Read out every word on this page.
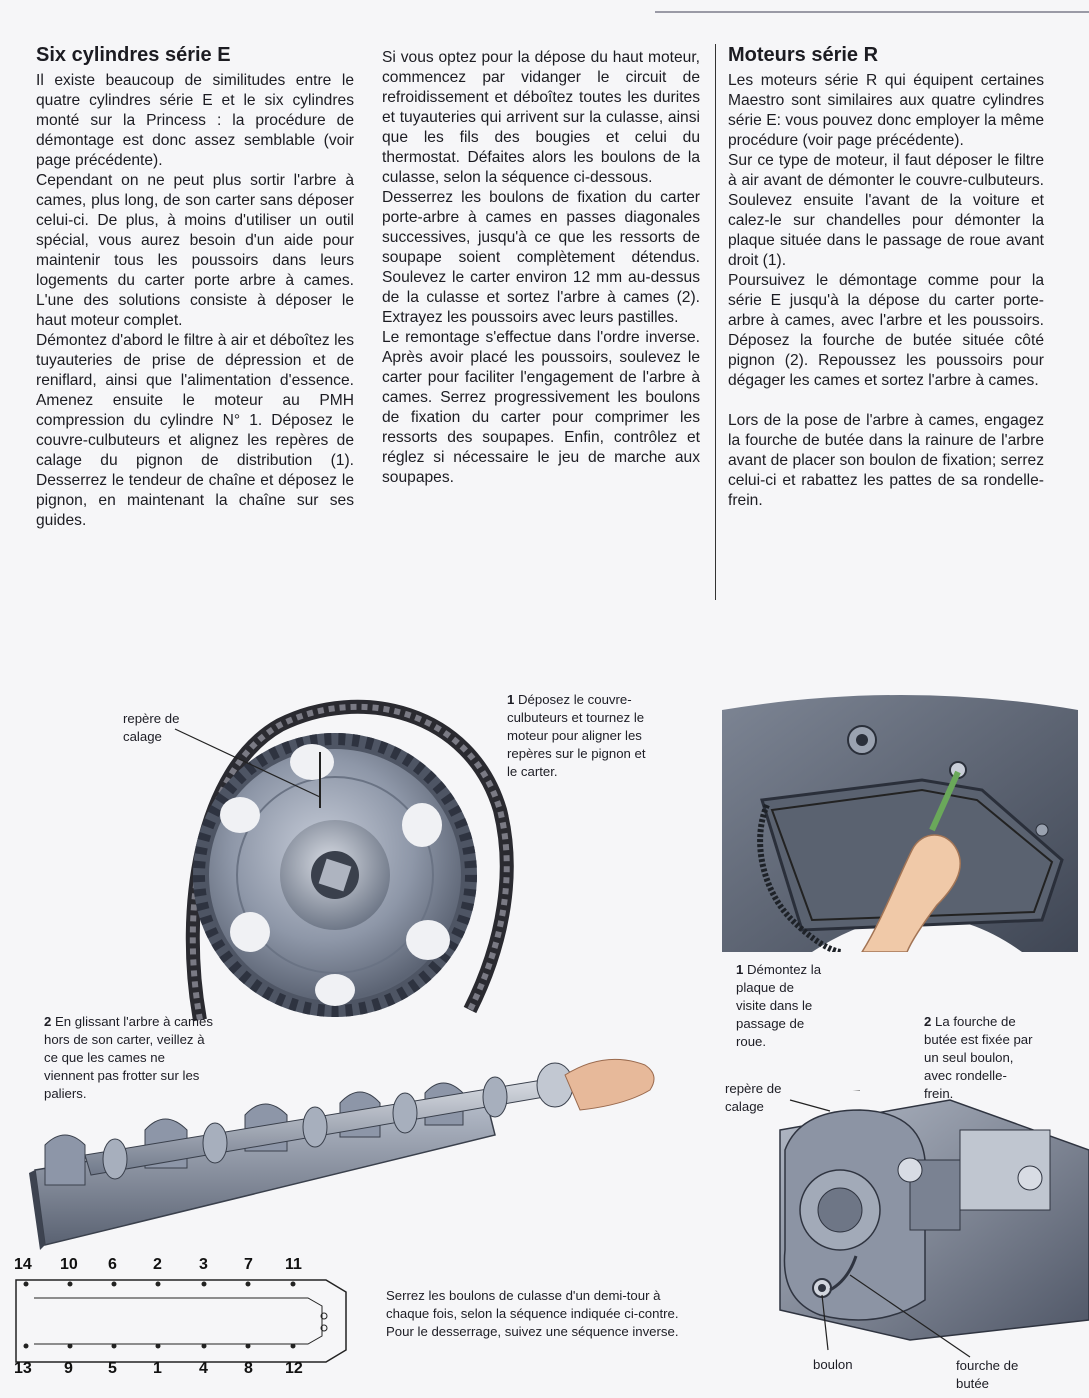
Six cylindres série E

Il existe beaucoup de similitudes entre le quatre cylindres série E et le six cylindres monté sur la Princess : la procédure de démontage est donc assez semblable (voir page précédente).

Cependant on ne peut plus sortir l'arbre à cames, plus long, de son carter sans déposer celui-ci. De plus, à moins d'utiliser un outil spécial, vous aurez besoin d'un aide pour maintenir tous les poussoirs dans leurs logements du carter porte arbre à cames. L'une des solutions consiste à déposer le haut moteur complet.

Démontez d'abord le filtre à air et déboîtez les tuyauteries de prise de dépression et de reniflard, ainsi que l'alimentation d'essence. Amenez ensuite le moteur au PMH compression du cylindre N° 1. Déposez le couvre-culbuteurs et alignez les repères de calage du pignon de distribution (1). Desserrez le tendeur de chaîne et déposez le pignon, en maintenant la chaîne sur ses guides.

Si vous optez pour la dépose du haut moteur, commencez par vidanger le circuit de refroidissement et déboîtez toutes les durites et tuyauteries qui arrivent sur la culasse, ainsi que les fils des bougies et celui du thermostat. Défaites alors les boulons de la culasse, selon la séquence ci-dessous.

Desserrez les boulons de fixation du carter porte-arbre à cames en passes diagonales successives, jusqu'à ce que les ressorts de soupape soient complètement détendus. Soulevez le carter environ 12 mm au-dessus de la culasse et sortez l'arbre à cames (2). Extrayez les poussoirs avec leurs pastilles.

Le remontage s'effectue dans l'ordre inverse. Après avoir placé les poussoirs, soulevez le carter pour faciliter l'engagement de l'arbre à cames. Serrez progressivement les boulons de fixation du carter pour comprimer les ressorts des soupapes. Enfin, contrôlez et réglez si nécessaire le jeu de marche aux soupapes.

Moteurs série R

Les moteurs série R qui équipent certaines Maestro sont similaires aux quatre cylindres série E: vous pouvez donc employer la même procédure (voir page précédente).

Sur ce type de moteur, il faut déposer le filtre à air avant de démonter le couvre-culbuteurs. Soulevez ensuite l'avant de la voiture et calez-le sur chandelles pour démonter la plaque située dans le passage de roue avant droit (1).

Poursuivez le démontage comme pour la série E jusqu'à la dépose du carter porte-arbre à cames, avec l'arbre et les poussoirs. Déposez la fourche de butée située côté pignon (2). Repoussez les poussoirs pour dégager les cames et sortez l'arbre à cames.

Lors de la pose de l'arbre à cames, engagez la fourche de butée dans la rainure de l'arbre avant de placer son boulon de fixation; serrez celui-ci et rabattez les pattes de sa rondelle-frein.

repère de calage
1 Déposez le couvre-culbuteurs et tournez le moteur pour aligner les repères sur le pignon et le carter.
2 En glissant l'arbre à cames hors de son carter, veillez à ce que les cames ne viennent pas frotter sur les paliers.
14 10 6 2 3 7 11
13 9 5 1 4 8 12
Serrez les boulons de culasse d'un demi-tour à chaque fois, selon la séquence indiquée ci-contre. Pour le desserrage, suivez une séquence inverse.
1 Démontez la plaque de visite dans le passage de roue.
2 La fourche de butée est fixée par un seul boulon, avec rondelle-frein.
repère de calage
boulon	fourche de butée
